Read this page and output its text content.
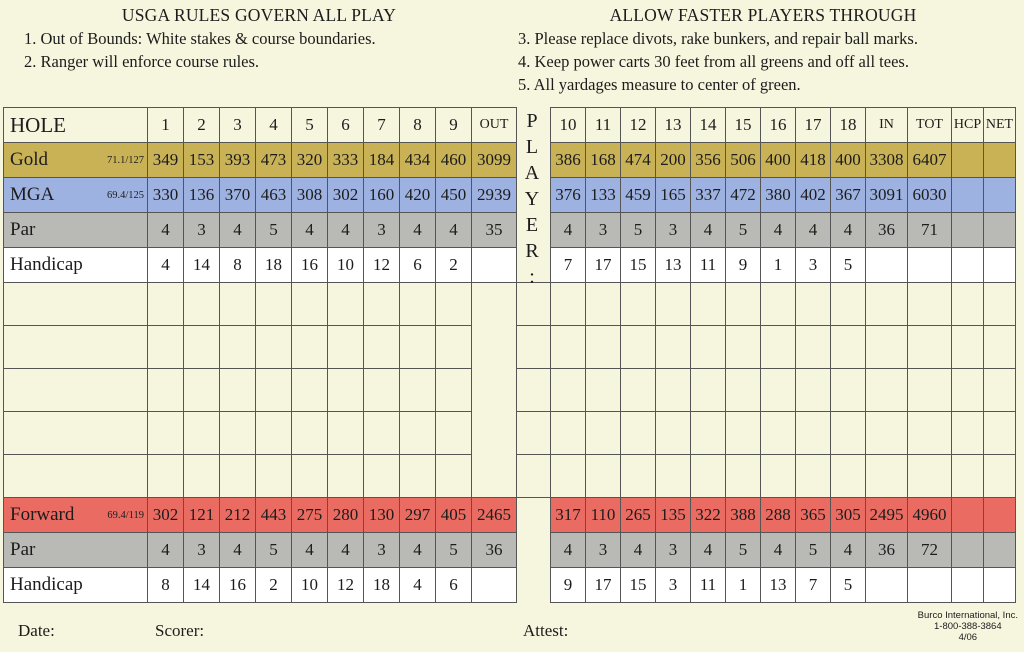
USGA RULES GOVERN ALL PLAY
1. Out of Bounds: White stakes & course boundaries.
2. Ranger will enforce course rules.
ALLOW FASTER PLAYERS THROUGH
3. Please replace divots, rake bunkers, and repair ball marks.
4. Keep power carts 30 feet from all greens and off all tees.
5. All yardages measure to center of green.
HOLE	1	2	3	4	5	6	7	8	9	OUT		10	11	12	13	14	15	16	17	18	IN	TOT	HCP	NET
Gold 71.1/127	349	153	393	473	320	333	184	434	460	3099		386	168	474	200	356	506	400	418	400	3308	6407		
MGA 69.4/125	330	136	370	463	308	302	160	420	450	2939		376	133	459	165	337	472	380	402	367	3091	6030		
Par	4	3	4	5	4	4	3	4	4	35		4	3	5	3	4	5	4	4	4	36	71		
Handicap	4	14	8	18	16	10	12	6	2			7	17	15	13	11	9	1	3	5				

Forward 69.4/119	302	121	212	443	275	280	130	297	405	2465		317	110	265	135	322	388	288	365	305	2495	4960		
Par	4	3	4	5	4	4	3	4	5	36		4	3	4	3	4	5	4	5	4	36	72		
Handicap	8	14	16	2	10	12	18	4	6			9	17	15	3	11	1	13	7	5				
P
L
A
Y
E
R
:
Date:	Scorer:	Attest:
Burco International, Inc.
1-800-388-3864
4/06
